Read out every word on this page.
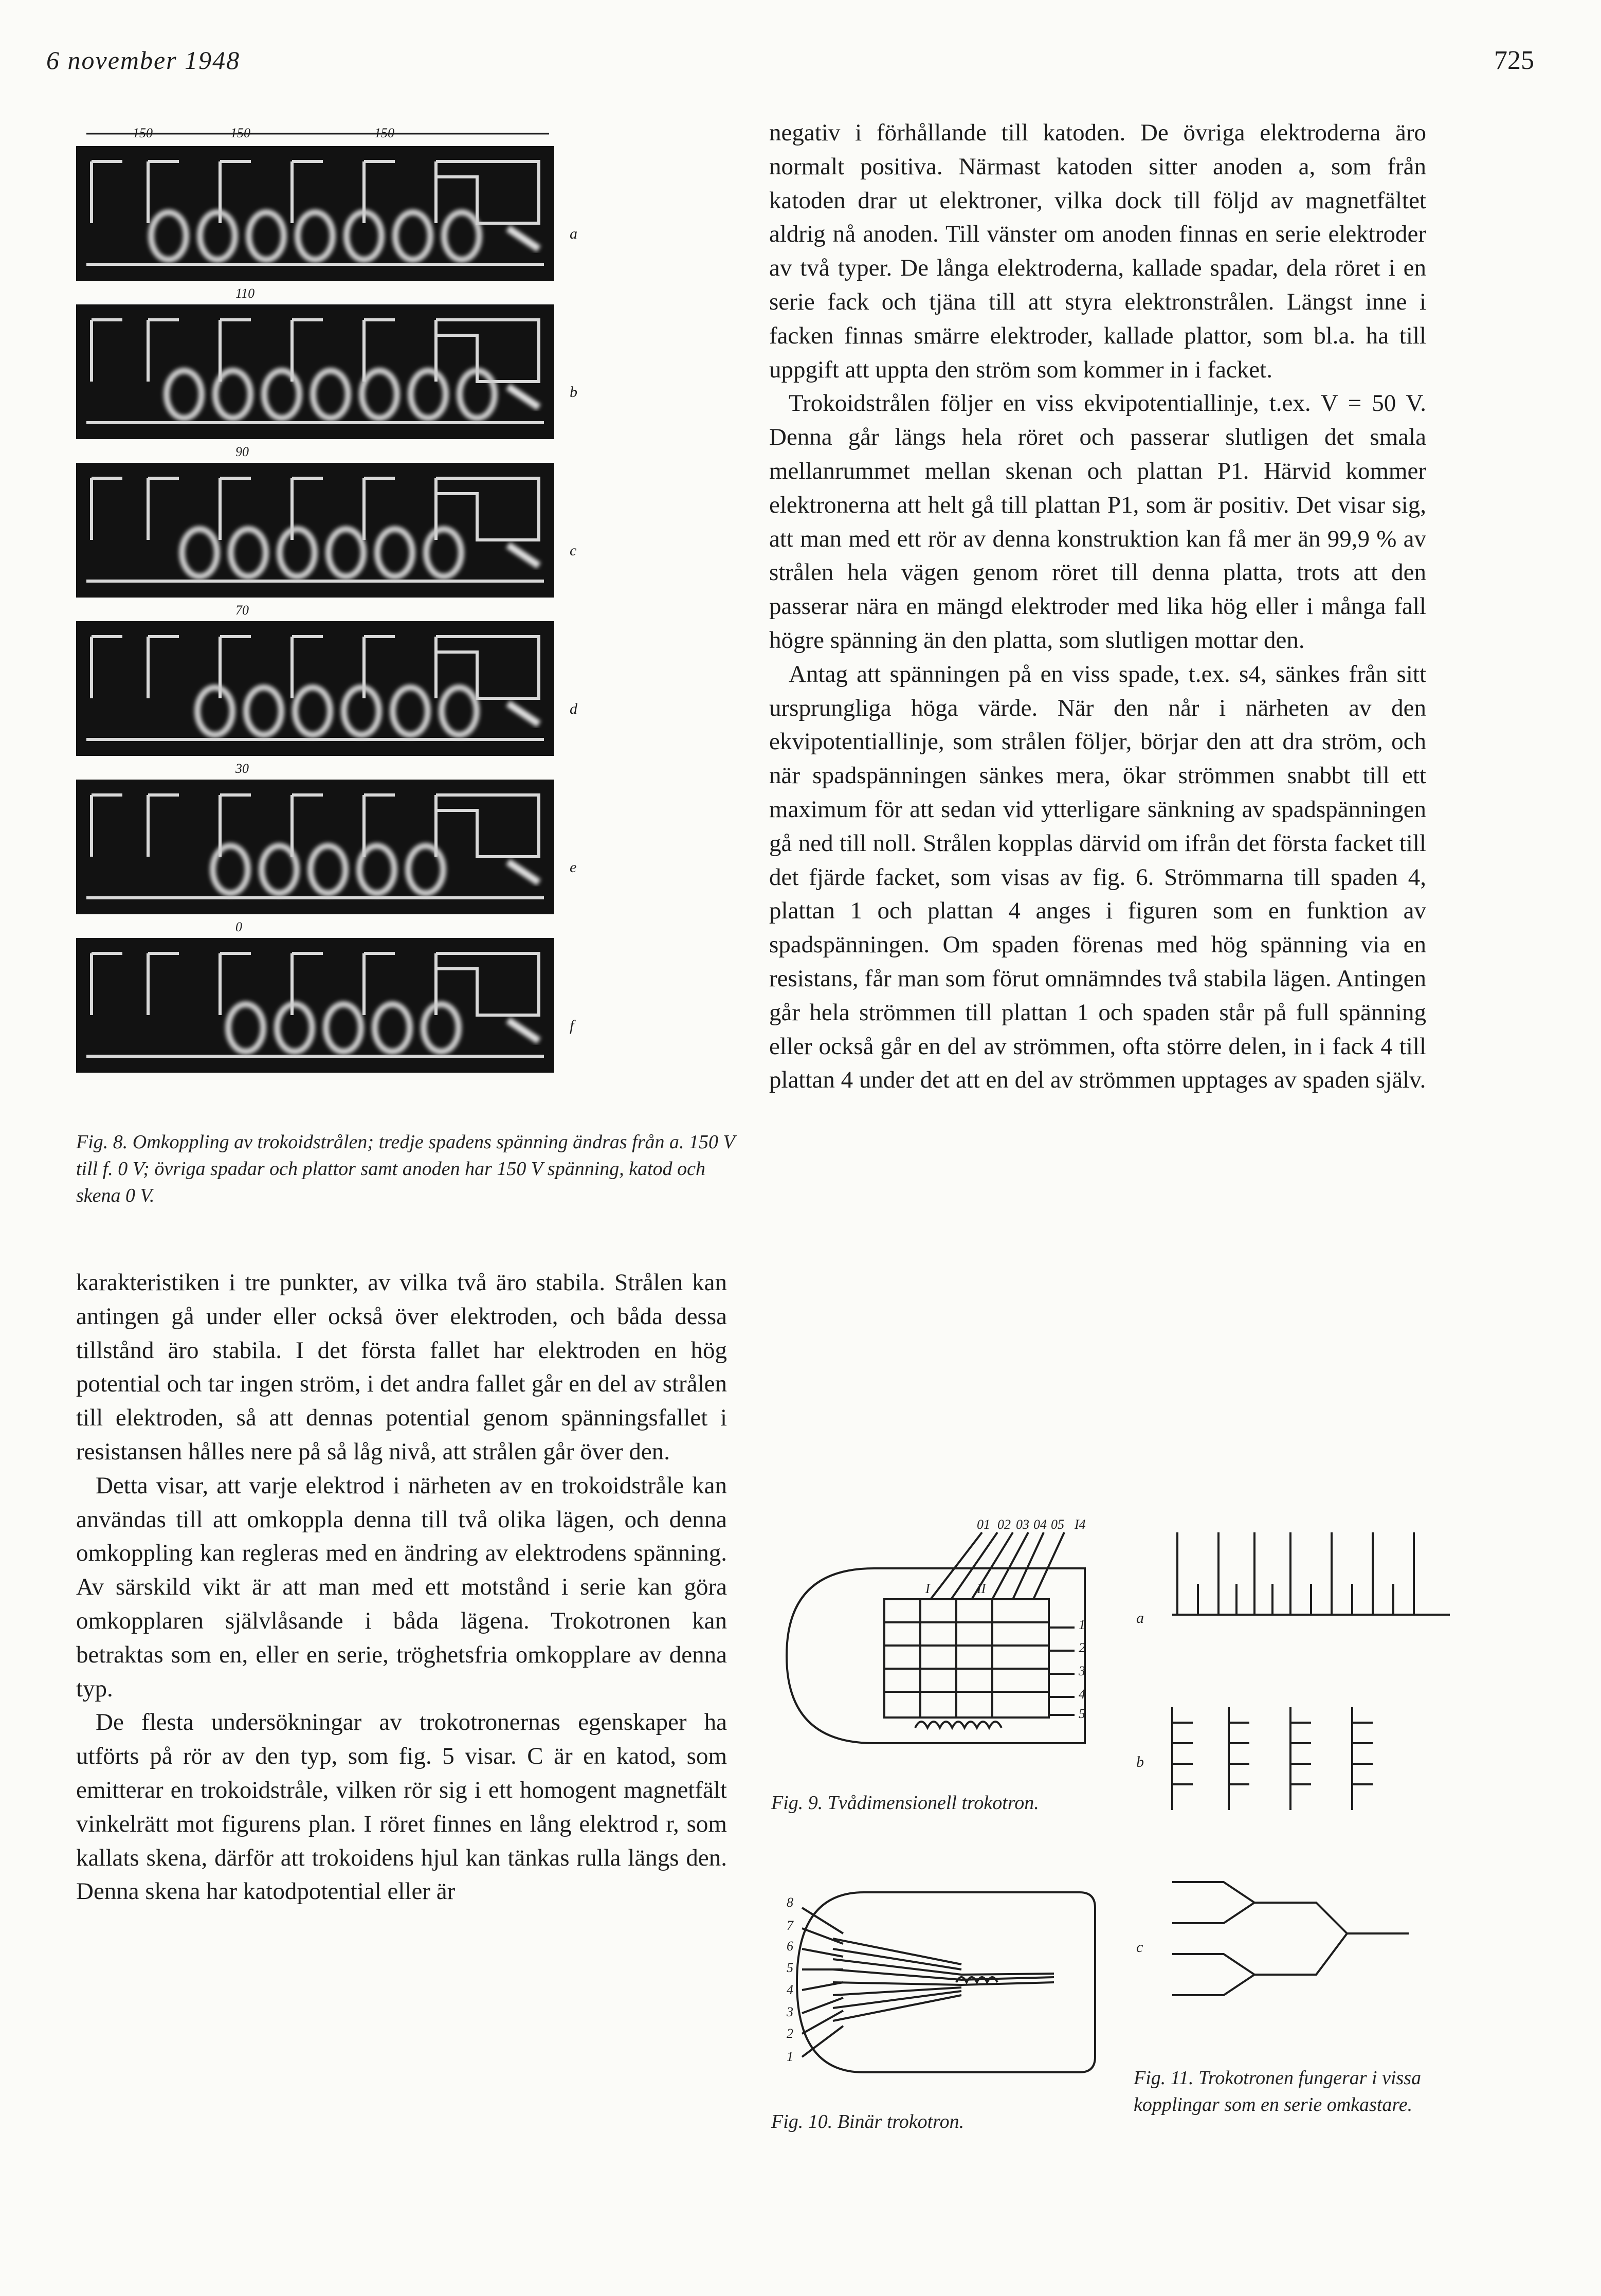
6 november 1948	725
150	150	150
a
110
b
90
c
70
d
30
e
0
f
Fig. 8. Omkoppling av trokoidstrålen; tredje spadens spänning ändras från a. 150 V till f. 0 V; övriga spadar och plattor samt anoden har 150 V spänning, katod och skena 0 V.

karakteristiken i tre punkter, av vilka två äro stabila. Strålen kan antingen gå under eller också över elektroden, och båda dessa tillstånd äro stabila. I det första fallet har elektroden en hög potential och tar ingen ström, i det andra fallet går en del av strålen till elektroden, så att dennas potential genom spänningsfallet i resistansen hålles nere på så låg nivå, att strålen går över den.

Detta visar, att varje elektrod i närheten av en trokoidstråle kan användas till att omkoppla denna till två olika lägen, och denna omkoppling kan regleras med en ändring av elektrodens spänning. Av särskild vikt är att man med ett motstånd i serie kan göra omkopplaren självlåsande i båda lägena. Trokotronen kan betraktas som en, eller en serie, tröghetsfria omkopplare av denna typ.

De flesta undersökningar av trokotronernas egenskaper ha utförts på rör av den typ, som fig. 5 visar. C är en katod, som emitterar en trokoidstråle, vilken rör sig i ett homogent magnetfält vinkelrätt mot figurens plan. I röret finnes en lång elektrod r, som kallats skena, därför att trokoidens hjul kan tänkas rulla längs den. Denna skena har katodpotential eller är

negativ i förhållande till katoden. De övriga elektroderna äro normalt positiva. Närmast katoden sitter anoden a, som från katoden drar ut elektroner, vilka dock till följd av magnetfältet aldrig nå anoden. Till vänster om anoden finnas en serie elektroder av två typer. De långa elektroderna, kallade spadar, dela röret i en serie fack och tjäna till att styra elektronstrålen. Längst inne i facken finnas smärre elektroder, kallade plattor, som bl.a. ha till uppgift att uppta den ström som kommer in i facket.

Trokoidstrålen följer en viss ekvipotentiallinje, t.ex. V = 50 V. Denna går längs hela röret och passerar slutligen det smala mellanrummet mellan skenan och plattan P1. Härvid kommer elektronerna att helt gå till plattan P1, som är positiv. Det visar sig, att man med ett rör av denna konstruktion kan få mer än 99,9 % av strålen hela vägen genom röret till denna platta, trots att den passerar nära en mängd elektroder med lika hög eller i många fall högre spänning än den platta, som slutligen mottar den.

Antag att spänningen på en viss spade, t.ex. s4, sänkes från sitt ursprungliga höga värde. När den når i närheten av den ekvipotentiallinje, som strålen följer, börjar den att dra ström, och när spadspänningen sänkes mera, ökar strömmen snabbt till ett maximum för att sedan vid ytterligare sänkning av spadspänningen gå ned till noll. Strålen kopplas därvid om ifrån det första facket till det fjärde facket, som visas av fig. 6. Strömmarna till spaden 4, plattan 1 och plattan 4 anges i figuren som en funktion av spadspänningen. Om spaden förenas med hög spänning via en resistans, får man som förut omnämndes två stabila lägen. Antingen går hela strömmen till plattan 1 och spaden står på full spänning eller också går en del av strömmen, ofta större delen, in i fack 4 till plattan 4 under det att en del av strömmen upptages av spaden själv.

01 02 03 04 05 I4
I	II
1
2
3
4
5
Fig. 9. Tvådimensionell trokotron.
8
7
6
5
4
3
2
1
Fig. 10. Binär trokotron.
a
b
c
Fig. 11. Trokotronen fungerar i vissa kopplingar som en serie omkastare.
